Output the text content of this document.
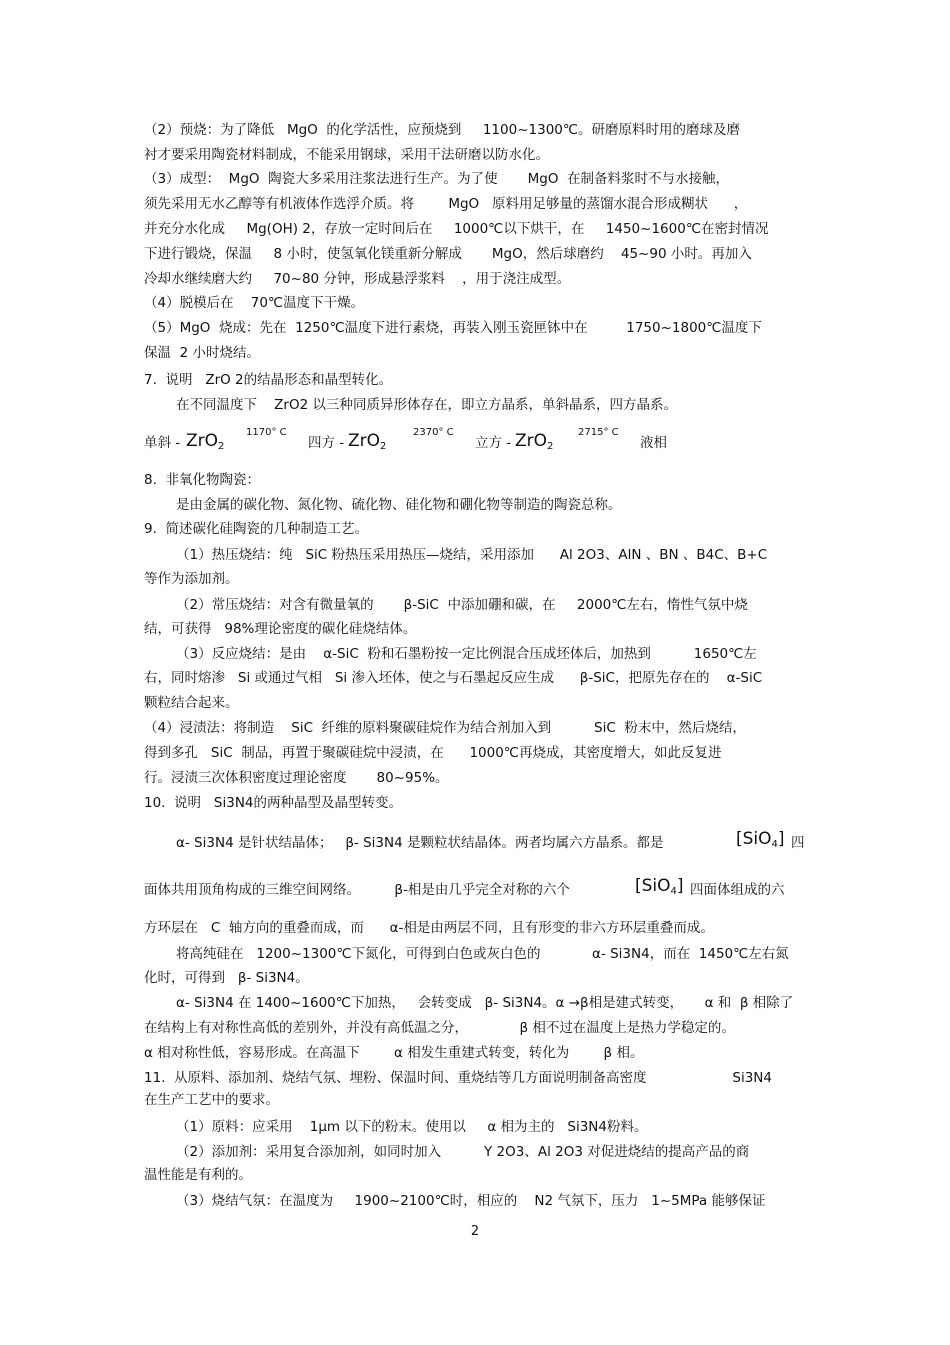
（2）预烧：为了降低   MgO  的化学活性，应预烧到     1100~1300℃。研磨原料时用的磨球及磨
衬才要采用陶瓷材料制成，不能采用钢球，采用干法研磨以防水化。
（3）成型：  MgO  陶瓷大多采用注浆法进行生产。为了使       MgO  在制备料浆时不与水接触，
须先采用无水乙醇等有机液体作选浮介质。将        MgO   原料用足够量的蒸馏水混合形成糊状      ，
并充分水化成     Mg(OH) 2，存放一定时间后在     1000℃以下烘干，在     1450~1600℃在密封情况
下进行锻烧，保温     8 小时，使氢氧化镁重新分解成       MgO，然后球磨约    45~90 小时。再加入
冷却水继续磨大约     70~80 分钟，形成悬浮浆料    ，用于浇注成型。
（4）脱模后在    70℃温度下干燥。
（5）MgO  烧成：先在  1250℃温度下进行素烧，再装入刚玉瓷匣钵中在         1750~1800℃温度下
保温  2 小时烧结。
7.  说明   ZrO 2的结晶形态和晶型转化。
在不同温度下    ZrO2 以三种同质异形体存在，即立方晶系，单斜晶系，四方晶系。
单斜 - ZrO$_2$
1170° C
四方 - ZrO$_2$
2370° C
立方 - ZrO$_2$
2715° C
液相
8.  非氧化物陶瓷：
是由金属的碳化物、氮化物、硫化物、硅化物和硼化物等制造的陶瓷总称。
9.  简述碳化硅陶瓷的几种制造工艺。
（1）热压烧结：纯   SiC 粉热压采用热压—烧结，采用添加      Al 2O3、AlN 、BN 、B4C、B+C
等作为添加剂。
（2）常压烧结：对含有微量氧的       β-SiC  中添加硼和碳，在     2000℃左右，惰性气氛中烧
结，可获得   98%理论密度的碳化硅烧结体。
（3）反应烧结：是由    α-SiC  粉和石墨粉按一定比例混合压成坯体后，加热到          1650℃左
右，同时熔渗   Si 或通过气相   Si 渗入坯体，使之与石墨起反应生成      β-SiC，把原先存在的    α-SiC
颗粒结合起来。
（4）浸渍法：将制造    SiC  纤维的原料聚碳硅烷作为结合剂加入到          SiC  粉末中，然后烧结，
得到多孔   SiC  制品，再置于聚碳硅烷中浸渍，在      1000℃再烧成，其密度增大，如此反复进
行。浸渍三次体积密度过理论密度       80~95%。
10.  说明   Si3N4的两种晶型及晶型转变。
α- Si3N4 是针状结晶体；   β- Si3N4 是颗粒状结晶体。两者均属六方晶系。都是	[SiO$_4$] 四
面体共用顶角构成的三维空间网络。        β-相是由几乎完全对称的六个	[SiO$_4$] 四面体组成的六
方环层在   C  轴方向的重叠而成，而      α-相是由两层不同，且有形变的非六方环层重叠而成。
将高纯硅在   1200~1300℃下氮化，可得到白色或灰白色的            α- Si3N4，而在  1450℃左右氮
化时，可得到   β- Si3N4。
α- Si3N4 在 1400~1600℃下加热，   会转变成   β- Si3N4。α →β相是建式转变，     α 和  β 相除了
在结构上有对称性高低的差别外，并没有高低温之分，            β 相不过在温度上是热力学稳定的。
α 相对称性低，容易形成。在高温下        α 相发生重建式转变，转化为        β 相。
11.  从原料、添加剂、烧结气氛、埋粉、保温时间、重烧结等几方面说明制备高密度                    Si3N4
在生产工艺中的要求。
（1）原料：应采用    1μm 以下的粉末。使用以     α 相为主的   Si3N4粉料。
（2）添加剂：采用复合添加剂，如同时加入          Y 2O3、Al 2O3 对促进烧结的提高产品的商
温性能是有利的。
（3）烧结气氛：在温度为     1900~2100℃时，相应的    N2 气氛下，压力   1~5MPa 能够保证
2
